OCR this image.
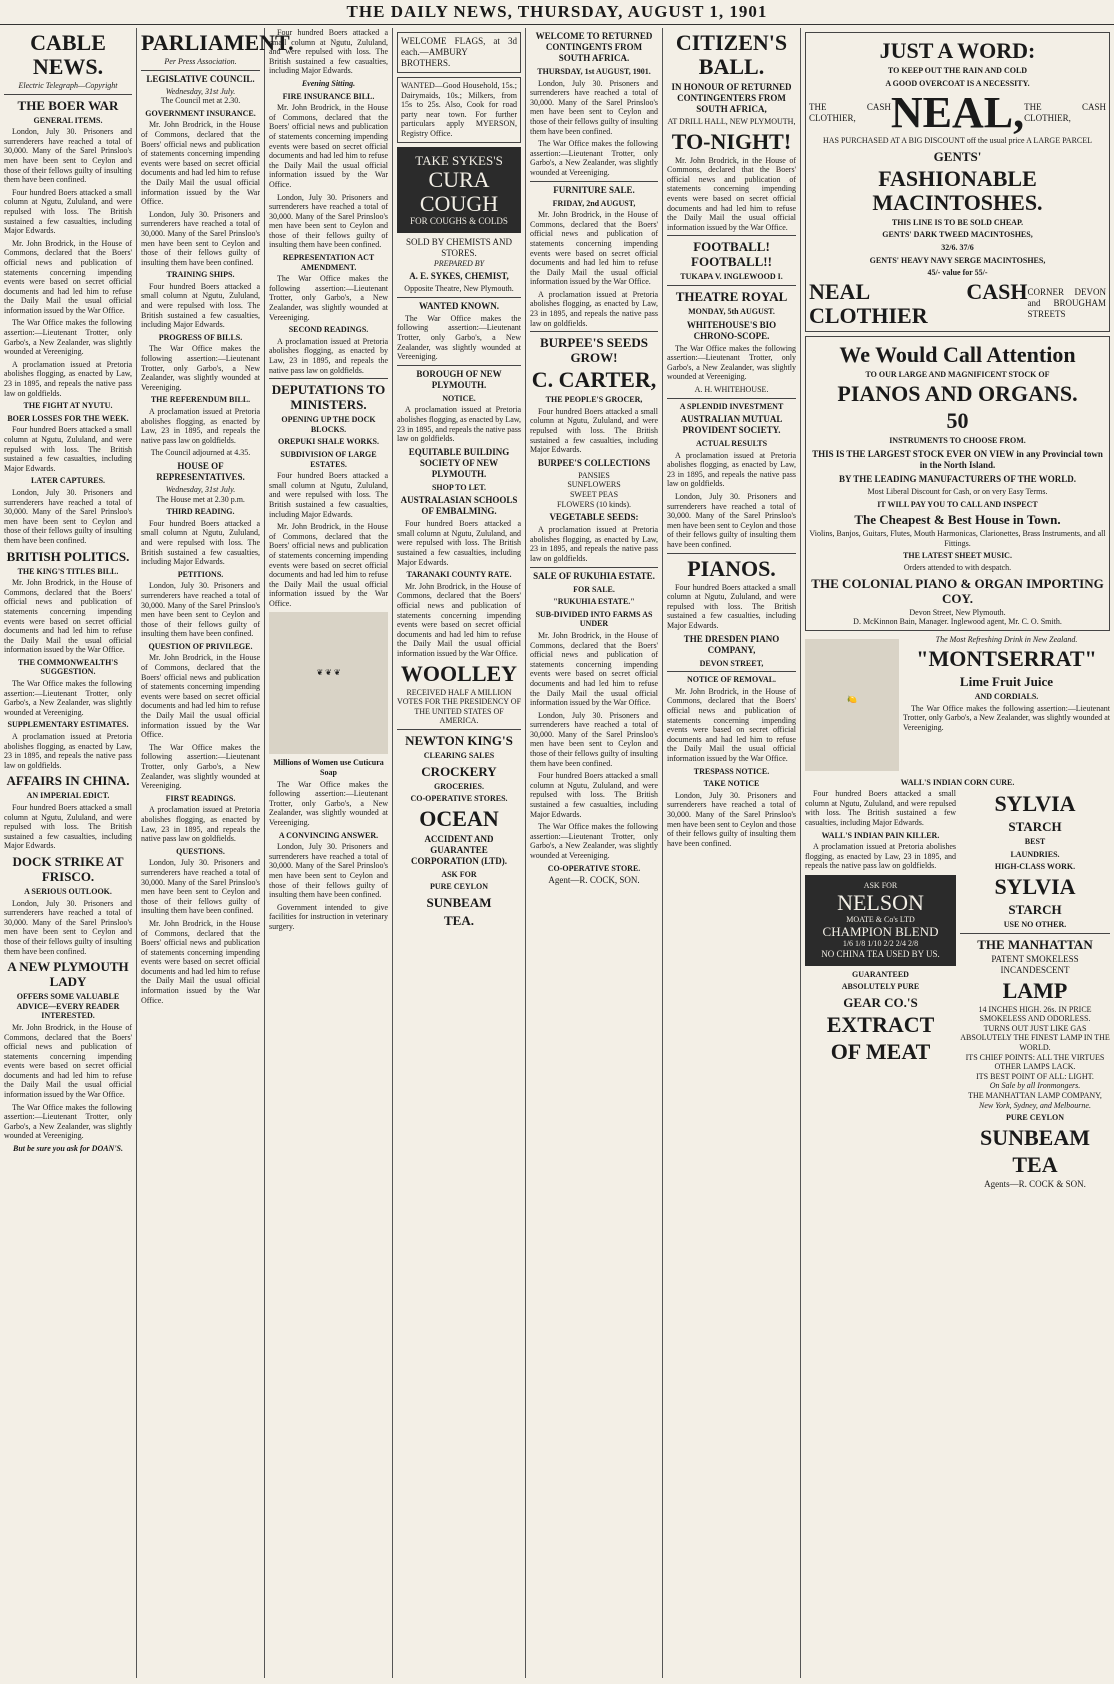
THE DAILY NEWS, THURSDAY, AUGUST 1, 1901
CABLE NEWS.
Electric Telegraph—Copyright
THE BOER WAR
GENERAL ITEMS.

London, July 30. Prisoners and surrenderers have reached a total of 30,000. Many of the Sarel Prinsloo's men have been sent to Ceylon and those of their fellows guilty of insulting them have been confined.

Four hundred Boers attacked a small column at Ngutu, Zululand, and were repulsed with loss. The British sustained a few casualties, including Major Edwards.

Mr. John Brodrick, in the House of Commons, declared that the Boers' official news and publication of statements concerning impending events were based on secret official documents and had led him to refuse the Daily Mail the usual official information issued by the War Office.

The War Office makes the following assertion:—Lieutenant Trotter, only Garbo's, a New Zealander, was slightly wounded at Vereeniging.

A proclamation issued at Pretoria abolishes flogging, as enacted by Law, 23 in 1895, and repeals the native pass law on goldfields.

THE FIGHT AT NYUTU.
BOER LOSSES FOR THE WEEK.

Four hundred Boers attacked a small column at Ngutu, Zululand, and were repulsed with loss. The British sustained a few casualties, including Major Edwards.

LATER CAPTURES.

London, July 30. Prisoners and surrenderers have reached a total of 30,000. Many of the Sarel Prinsloo's men have been sent to Ceylon and those of their fellows guilty of insulting them have been confined.

BRITISH POLITICS.
THE KING'S TITLES BILL.

Mr. John Brodrick, in the House of Commons, declared that the Boers' official news and publication of statements concerning impending events were based on secret official documents and had led him to refuse the Daily Mail the usual official information issued by the War Office.

THE COMMONWEALTH'S SUGGESTION.

The War Office makes the following assertion:—Lieutenant Trotter, only Garbo's, a New Zealander, was slightly wounded at Vereeniging.

SUPPLEMENTARY ESTIMATES.

A proclamation issued at Pretoria abolishes flogging, as enacted by Law, 23 in 1895, and repeals the native pass law on goldfields.

AFFAIRS IN CHINA.
AN IMPERIAL EDICT.

Four hundred Boers attacked a small column at Ngutu, Zululand, and were repulsed with loss. The British sustained a few casualties, including Major Edwards.

DOCK STRIKE AT FRISCO.
A SERIOUS OUTLOOK.

London, July 30. Prisoners and surrenderers have reached a total of 30,000. Many of the Sarel Prinsloo's men have been sent to Ceylon and those of their fellows guilty of insulting them have been confined.

A NEW PLYMOUTH LADY
OFFERS SOME VALUABLE ADVICE—EVERY READER INTERESTED.

Mr. John Brodrick, in the House of Commons, declared that the Boers' official news and publication of statements concerning impending events were based on secret official documents and had led him to refuse the Daily Mail the usual official information issued by the War Office.

The War Office makes the following assertion:—Lieutenant Trotter, only Garbo's, a New Zealander, was slightly wounded at Vereeniging.

But be sure you ask for DOAN'S.
PARLIAMENT.
Per Press Association.
LEGISLATIVE COUNCIL.
Wednesday, 31st July.
The Council met at 2.30.
GOVERNMENT INSURANCE.

Mr. John Brodrick, in the House of Commons, declared that the Boers' official news and publication of statements concerning impending events were based on secret official documents and had led him to refuse the Daily Mail the usual official information issued by the War Office.

London, July 30. Prisoners and surrenderers have reached a total of 30,000. Many of the Sarel Prinsloo's men have been sent to Ceylon and those of their fellows guilty of insulting them have been confined.

TRAINING SHIPS.

Four hundred Boers attacked a small column at Ngutu, Zululand, and were repulsed with loss. The British sustained a few casualties, including Major Edwards.

PROGRESS OF BILLS.

The War Office makes the following assertion:—Lieutenant Trotter, only Garbo's, a New Zealander, was slightly wounded at Vereeniging.

THE REFERENDUM BILL.

A proclamation issued at Pretoria abolishes flogging, as enacted by Law, 23 in 1895, and repeals the native pass law on goldfields.

The Council adjourned at 4.35.
HOUSE OF REPRESENTATIVES.
Wednesday, 31st July.
The House met at 2.30 p.m.
THIRD READING.

Four hundred Boers attacked a small column at Ngutu, Zululand, and were repulsed with loss. The British sustained a few casualties, including Major Edwards.

PETITIONS.

London, July 30. Prisoners and surrenderers have reached a total of 30,000. Many of the Sarel Prinsloo's men have been sent to Ceylon and those of their fellows guilty of insulting them have been confined.

QUESTION OF PRIVILEGE.

Mr. John Brodrick, in the House of Commons, declared that the Boers' official news and publication of statements concerning impending events were based on secret official documents and had led him to refuse the Daily Mail the usual official information issued by the War Office.

The War Office makes the following assertion:—Lieutenant Trotter, only Garbo's, a New Zealander, was slightly wounded at Vereeniging.

FIRST READINGS.

A proclamation issued at Pretoria abolishes flogging, as enacted by Law, 23 in 1895, and repeals the native pass law on goldfields.

QUESTIONS.

London, July 30. Prisoners and surrenderers have reached a total of 30,000. Many of the Sarel Prinsloo's men have been sent to Ceylon and those of their fellows guilty of insulting them have been confined.

Mr. John Brodrick, in the House of Commons, declared that the Boers' official news and publication of statements concerning impending events were based on secret official documents and had led him to refuse the Daily Mail the usual official information issued by the War Office.

Four hundred Boers attacked a small column at Ngutu, Zululand, and were repulsed with loss. The British sustained a few casualties, including Major Edwards.

Evening Sitting.
FIRE INSURANCE BILL.

Mr. John Brodrick, in the House of Commons, declared that the Boers' official news and publication of statements concerning impending events were based on secret official documents and had led him to refuse the Daily Mail the usual official information issued by the War Office.

London, July 30. Prisoners and surrenderers have reached a total of 30,000. Many of the Sarel Prinsloo's men have been sent to Ceylon and those of their fellows guilty of insulting them have been confined.

REPRESENTATION ACT AMENDMENT.

The War Office makes the following assertion:—Lieutenant Trotter, only Garbo's, a New Zealander, was slightly wounded at Vereeniging.

SECOND READINGS.

A proclamation issued at Pretoria abolishes flogging, as enacted by Law, 23 in 1895, and repeals the native pass law on goldfields.

DEPUTATIONS TO MINISTERS.
OPENING UP THE DOCK BLOCKS.
OREPUKI SHALE WORKS.
SUBDIVISION OF LARGE ESTATES.

Four hundred Boers attacked a small column at Ngutu, Zululand, and were repulsed with loss. The British sustained a few casualties, including Major Edwards.

Mr. John Brodrick, in the House of Commons, declared that the Boers' official news and publication of statements concerning impending events were based on secret official documents and had led him to refuse the Daily Mail the usual official information issued by the War Office.

❦ ❦ ❦
Millions of Women use Cuticura Soap

The War Office makes the following assertion:—Lieutenant Trotter, only Garbo's, a New Zealander, was slightly wounded at Vereeniging.

A CONVINCING ANSWER.

London, July 30. Prisoners and surrenderers have reached a total of 30,000. Many of the Sarel Prinsloo's men have been sent to Ceylon and those of their fellows guilty of insulting them have been confined.

Government intended to give facilities for instruction in veterinary surgery.

WELCOME FLAGS, at 3d each.—AMBURY BROTHERS.
WANTED—Good Household, 15s.; Dairymaids, 10s.; Milkers, from 15s to 25s. Also, Cook for road party near town. For further particulars apply MYERSON, Registry Office.
TAKE SYKES'S
CURA COUGH
FOR COUGHS & COLDS
SOLD BY CHEMISTS AND STORES.
PREPARED BY
A. E. SYKES, CHEMIST,
Opposite Theatre, New Plymouth.
WANTED KNOWN.

The War Office makes the following assertion:—Lieutenant Trotter, only Garbo's, a New Zealander, was slightly wounded at Vereeniging.

BOROUGH OF NEW PLYMOUTH.
NOTICE.

A proclamation issued at Pretoria abolishes flogging, as enacted by Law, 23 in 1895, and repeals the native pass law on goldfields.

EQUITABLE BUILDING SOCIETY OF NEW PLYMOUTH.
SHOP TO LET.
AUSTRALASIAN SCHOOLS OF EMBALMING.

Four hundred Boers attacked a small column at Ngutu, Zululand, and were repulsed with loss. The British sustained a few casualties, including Major Edwards.

TARANAKI COUNTY RATE.

Mr. John Brodrick, in the House of Commons, declared that the Boers' official news and publication of statements concerning impending events were based on secret official documents and had led him to refuse the Daily Mail the usual official information issued by the War Office.

WOOLLEY
RECEIVED HALF A MILLION VOTES FOR THE PRESIDENCY OF THE UNITED STATES OF AMERICA.
NEWTON KING'S
CLEARING SALES
CROCKERY
GROCERIES.
CO-OPERATIVE STORES.
OCEAN
ACCIDENT AND GUARANTEE CORPORATION (LTD).
ASK FOR
PURE CEYLON
SUNBEAM
TEA.
WELCOME TO RETURNED CONTINGENTS FROM SOUTH AFRICA.
THURSDAY, 1st AUGUST, 1901.

London, July 30. Prisoners and surrenderers have reached a total of 30,000. Many of the Sarel Prinsloo's men have been sent to Ceylon and those of their fellows guilty of insulting them have been confined.

The War Office makes the following assertion:—Lieutenant Trotter, only Garbo's, a New Zealander, was slightly wounded at Vereeniging.

FURNITURE SALE.
FRIDAY, 2nd AUGUST,

Mr. John Brodrick, in the House of Commons, declared that the Boers' official news and publication of statements concerning impending events were based on secret official documents and had led him to refuse the Daily Mail the usual official information issued by the War Office.

A proclamation issued at Pretoria abolishes flogging, as enacted by Law, 23 in 1895, and repeals the native pass law on goldfields.

BURPEE'S SEEDS GROW!
C. CARTER,
THE PEOPLE'S GROCER,

Four hundred Boers attacked a small column at Ngutu, Zululand, and were repulsed with loss. The British sustained a few casualties, including Major Edwards.

BURPEE'S COLLECTIONS
PANSIES
SUNFLOWERS
SWEET PEAS
FLOWERS (10 kinds).
VEGETABLE SEEDS:

A proclamation issued at Pretoria abolishes flogging, as enacted by Law, 23 in 1895, and repeals the native pass law on goldfields.

SALE OF RUKUHIA ESTATE.
FOR SALE.
"RUKUHIA ESTATE."
SUB-DIVIDED INTO FARMS AS UNDER

Mr. John Brodrick, in the House of Commons, declared that the Boers' official news and publication of statements concerning impending events were based on secret official documents and had led him to refuse the Daily Mail the usual official information issued by the War Office.

London, July 30. Prisoners and surrenderers have reached a total of 30,000. Many of the Sarel Prinsloo's men have been sent to Ceylon and those of their fellows guilty of insulting them have been confined.

Four hundred Boers attacked a small column at Ngutu, Zululand, and were repulsed with loss. The British sustained a few casualties, including Major Edwards.

The War Office makes the following assertion:—Lieutenant Trotter, only Garbo's, a New Zealander, was slightly wounded at Vereeniging.

CO-OPERATIVE STORE.
Agent—R. COCK, SON.
CITIZEN'S BALL.
IN HONOUR OF RETURNED CONTINGENTERS FROM SOUTH AFRICA,
AT DRILL HALL, NEW PLYMOUTH,
TO-NIGHT!

Mr. John Brodrick, in the House of Commons, declared that the Boers' official news and publication of statements concerning impending events were based on secret official documents and had led him to refuse the Daily Mail the usual official information issued by the War Office.

FOOTBALL! FOOTBALL!!
TUKAPA V. INGLEWOOD I.
THEATRE ROYAL
MONDAY, 5th AUGUST.
WHITEHOUSE'S BIO CHRONO-SCOPE.

The War Office makes the following assertion:—Lieutenant Trotter, only Garbo's, a New Zealander, was slightly wounded at Vereeniging.

A. H. WHITEHOUSE.
A SPLENDID INVESTMENT
AUSTRALIAN MUTUAL PROVIDENT SOCIETY.
ACTUAL RESULTS

A proclamation issued at Pretoria abolishes flogging, as enacted by Law, 23 in 1895, and repeals the native pass law on goldfields.

London, July 30. Prisoners and surrenderers have reached a total of 30,000. Many of the Sarel Prinsloo's men have been sent to Ceylon and those of their fellows guilty of insulting them have been confined.

PIANOS.

Four hundred Boers attacked a small column at Ngutu, Zululand, and were repulsed with loss. The British sustained a few casualties, including Major Edwards.

THE DRESDEN PIANO COMPANY,
DEVON STREET,
NOTICE OF REMOVAL.

Mr. John Brodrick, in the House of Commons, declared that the Boers' official news and publication of statements concerning impending events were based on secret official documents and had led him to refuse the Daily Mail the usual official information issued by the War Office.

TRESPASS NOTICE.
TAKE NOTICE

London, July 30. Prisoners and surrenderers have reached a total of 30,000. Many of the Sarel Prinsloo's men have been sent to Ceylon and those of their fellows guilty of insulting them have been confined.

JUST A WORD:
TO KEEP OUT THE RAIN AND COLD
A GOOD OVERCOAT IS A NECESSITY.
THE CASH CLOTHIER, NEAL, THE CASH CLOTHIER,
HAS PURCHASED AT A BIG DISCOUNT off the usual price A LARGE PARCEL
GENTS'
FASHIONABLE MACINTOSHES.
THIS LINE IS TO BE SOLD CHEAP.
GENTS' DARK TWEED MACINTOSHES,
32/6. 37/6
GENTS' HEAVY NAVY SERGE MACINTOSHES,
45/- value for 55/-
NEAL CASH CLOTHIER
CORNER DEVON and BROUGHAM STREETS
We Would Call Attention
TO OUR LARGE AND MAGNIFICENT STOCK OF
PIANOS AND ORGANS.
50
INSTRUMENTS TO CHOOSE FROM.
THIS IS THE LARGEST STOCK EVER ON VIEW in any Provincial town in the North Island.
BY THE LEADING MANUFACTURERS OF THE WORLD.
Most Liberal Discount for Cash, or on very Easy Terms.
IT WILL PAY YOU TO CALL AND INSPECT
The Cheapest & Best House in Town.
Violins, Banjos, Guitars, Flutes, Mouth Harmonicas, Clarionettes, Brass Instruments, and all Fittings.
THE LATEST SHEET MUSIC.
Orders attended to with despatch.
THE COLONIAL PIANO & ORGAN IMPORTING COY.
Devon Street, New Plymouth.
D. McKinnon Bain, Manager. Inglewood agent, Mr. C. O. Smith.
🍋
The Most Refreshing Drink in New Zealand.
"MONTSERRAT"
Lime Fruit Juice
AND CORDIALS.

The War Office makes the following assertion:—Lieutenant Trotter, only Garbo's, a New Zealander, was slightly wounded at Vereeniging.

WALL'S INDIAN CORN CURE.

Four hundred Boers attacked a small column at Ngutu, Zululand, and were repulsed with loss. The British sustained a few casualties, including Major Edwards.

WALL'S INDIAN PAIN KILLER.

A proclamation issued at Pretoria abolishes flogging, as enacted by Law, 23 in 1895, and repeals the native pass law on goldfields.

ASK FOR
NELSON
MOATE & Co's LTD
CHAMPION BLEND
1/6 1/8 1/10 2/2 2/4 2/8
NO CHINA TEA USED BY US.
GUARANTEED
ABSOLUTELY PURE
GEAR CO.'S
EXTRACT
OF MEAT
SYLVIA
STARCH
BEST
LAUNDRIES.
HIGH-CLASS WORK.
SYLVIA
STARCH
USE NO OTHER.
THE MANHATTAN
PATENT SMOKELESS INCANDESCENT
LAMP
14 INCHES HIGH. 26s. IN PRICE
SMOKELESS AND ODORLESS.
TURNS OUT JUST LIKE GAS
ABSOLUTELY THE FINEST LAMP IN THE WORLD.
ITS CHIEF POINTS: ALL THE VIRTUES OTHER LAMPS LACK.
ITS BEST POINT OF ALL: LIGHT.
On Sale by all Ironmongers.
THE MANHATTAN LAMP COMPANY,
New York, Sydney, and Melbourne.
PURE CEYLON
SUNBEAM
TEA
Agents—R. COCK & SON.
